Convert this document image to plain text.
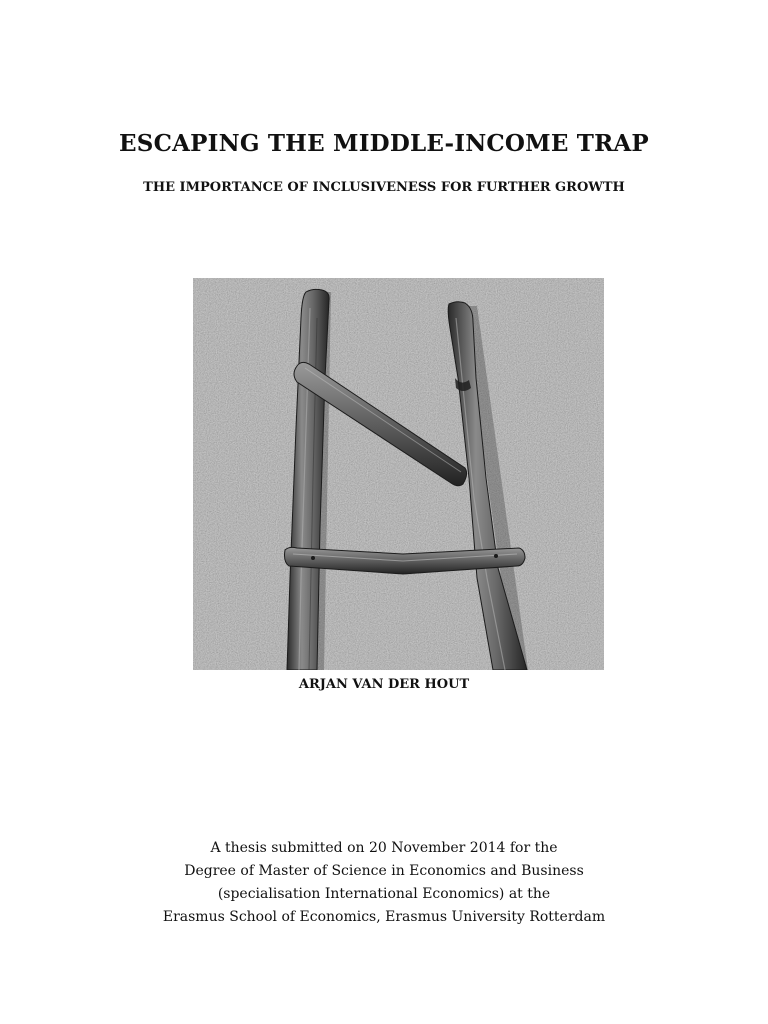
ESCAPING THE MIDDLE-INCOME TRAP
THE IMPORTANCE OF INCLUSIVENESS FOR FURTHER GROWTH
ARJAN VAN DER HOUT
A thesis submitted on 20 November 2014 for the
Degree of Master of Science in Economics and Business
(specialisation International Economics) at the
Erasmus School of Economics, Erasmus University Rotterdam
